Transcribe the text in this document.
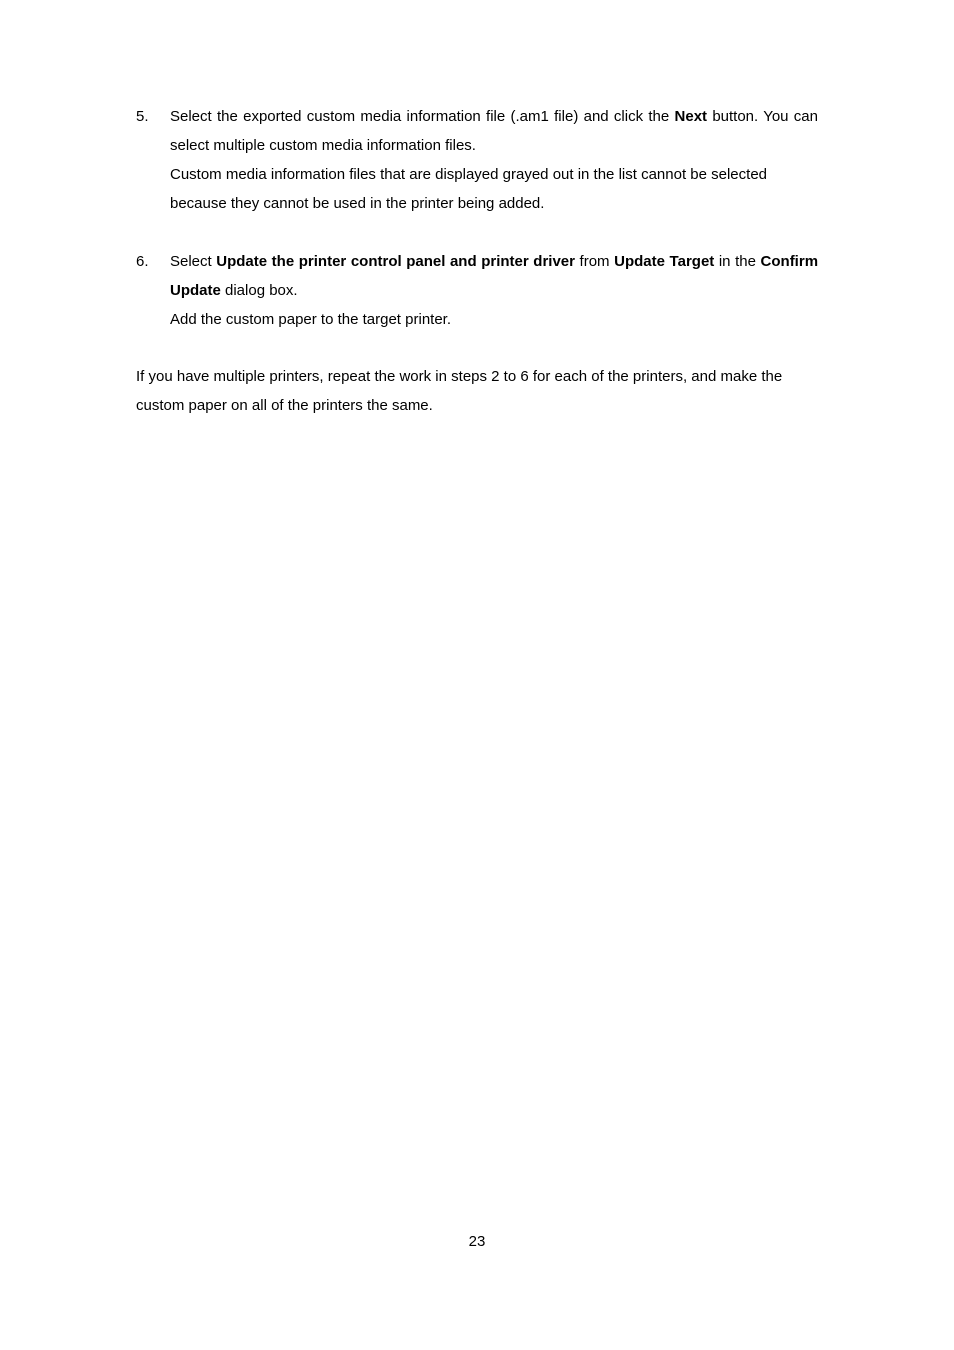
5.	Select the exported custom media information file (.am1 file) and click the Next button. You can select multiple custom media information files.

Custom media information files that are displayed grayed out in the list cannot be selected because they cannot be used in the printer being added.

6.	Select Update the printer control panel and printer driver from Update Target in the Confirm Update dialog box.

Add the custom paper to the target printer.

If you have multiple printers, repeat the work in steps 2 to 6 for each of the printers, and make the custom paper on all of the printers the same.

23
